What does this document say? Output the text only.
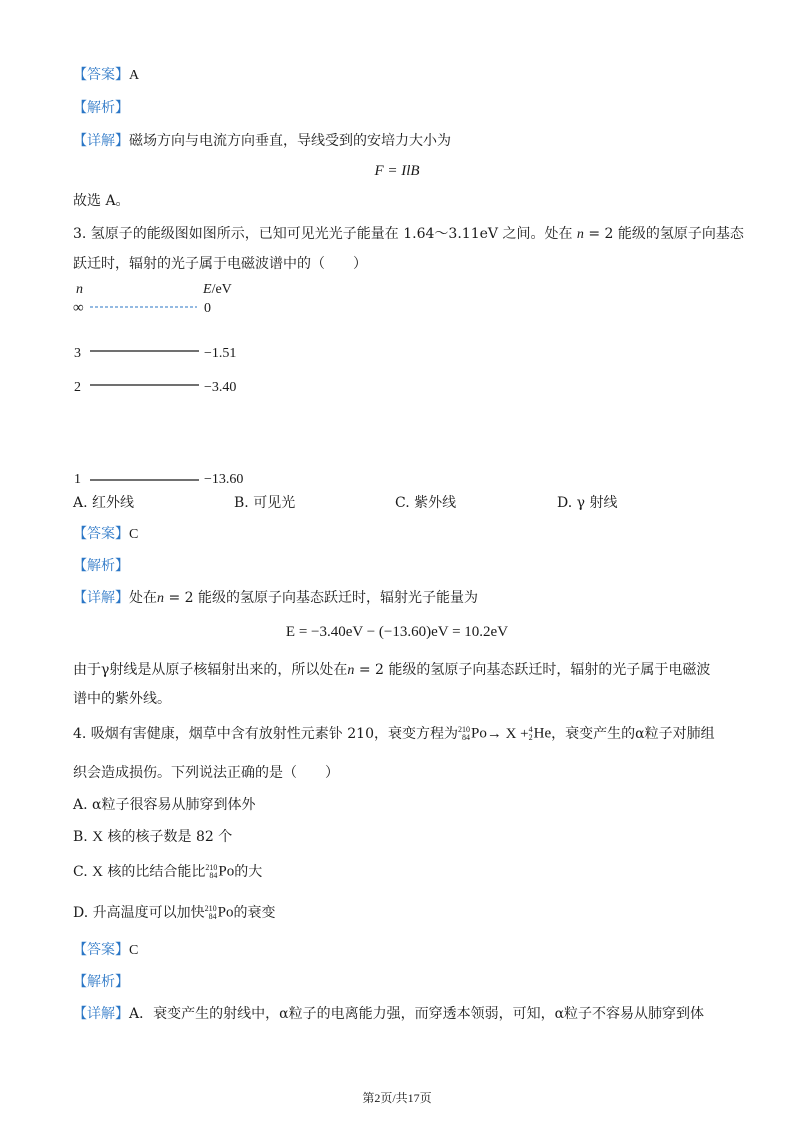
【答案】A
【解析】
【详解】磁场方向与电流方向垂直，导线受到的安培力大小为
F = IlB
故选 A。
3. 氢原子的能级图如图所示，已知可见光光子能量在 1.64～3.11eV 之间。处在 n = 2 能级的氢原子向基态
跃迁时，辐射的光子属于电磁波谱中的（　　）
n	E/eV
∞	0
3	−1.51
2	−3.40
1	−13.60
A. 红外线	B. 可见光	C. 紫外线	D. γ 射线
【答案】C
【解析】
【详解】处在n = 2 能级的氢原子向基态跃迁时，辐射光子能量为
E = −3.40eV − (−13.60)eV = 10.2eV
由于γ射线是从原子核辐射出来的，所以处在n = 2 能级的氢原子向基态跃迁时，辐射的光子属于电磁波
谱中的紫外线。
4. 吸烟有害健康，烟草中含有放射性元素钋 210，衰变方程为 210
84 Po→ X + 4
2 He，衰变产生的α粒子对肺组
织会造成损伤。下列说法正确的是（　　）
A. α粒子很容易从肺穿到体外
B. X 核的核子数是 82 个
C. X 核的比结合能比 210
84 Po的大
D. 升高温度可以加快 210
84 Po的衰变
【答案】C
【解析】
【详解】A．衰变产生的射线中，α粒子的电离能力强，而穿透本领弱，可知，α粒子不容易从肺穿到体
第2页/共17页
